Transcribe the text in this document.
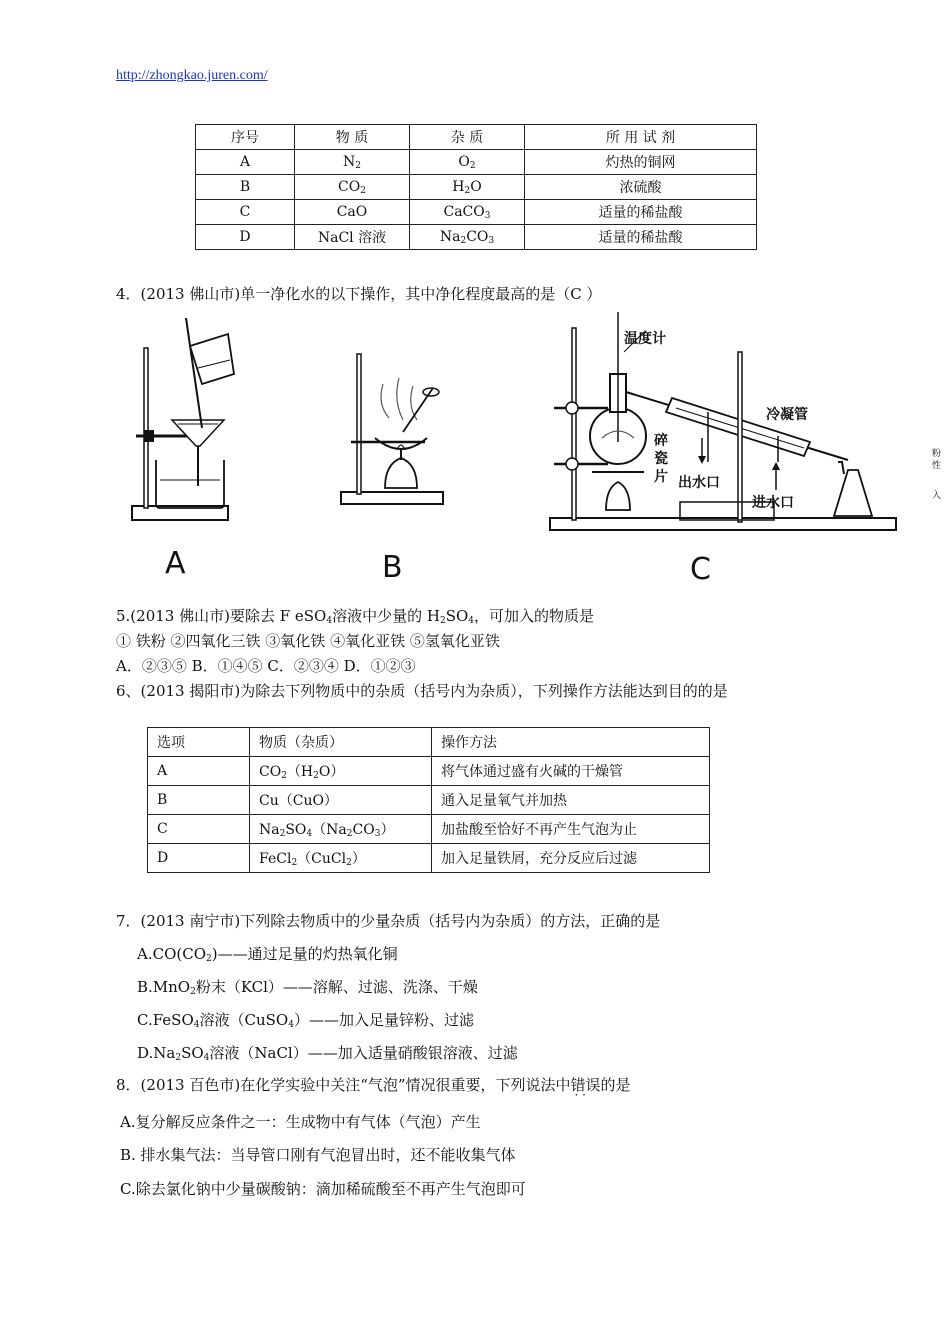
http://zhongkao.juren.com/
序号	物 质	杂 质	所 用 试 剂
A	$N_2$	$O_2$	灼热的铜网
B	$CO_2$	$H_2O$	浓硫酸
C	CaO	CaCO$_3$	适量的稀盐酸
D	NaCl 溶液	$Na_2CO_3$	适量的稀盐酸
4．(2013 佛山市)单一净化水的以下操作，其中净化程度最高的是（C ）
A	B
温度计
冷凝管
碎
瓷
片 出水口
进水口
C
粉
性
入
5.(2013 佛山市)要除去 F eSO$_4$溶液中少量的 $H_2SO_4$，可加入的物质是
① 铁粉 ②四氧化三铁 ③氧化铁 ④氧化亚铁 ⑤氢氧化亚铁
A．②③⑤ B．①④⑤ C．②③④ D．①②③
6、(2013 揭阳市)为除去下列物质中的杂质（括号内为杂质），下列操作方法能达到目的的是
选项	物质（杂质）	操作方法
A	$CO_2(H_2O)$	将气体通过盛有火碱的干燥管
B	Cu（CuO）	通入足量氧气并加热
C	$Na_2SO_4(Na_2CO_3)$	加盐酸至恰好不再产生气泡为止
D	FeCl$_2$（CuCl$_2$）	加入足量铁屑，充分反应后过滤
7．(2013 南宁市)下列除去物质中的少量杂质（括号内为杂质）的方法，正确的是
$A.CO(CO_2)——$通过足量的灼热氧化铜
B.MnO$_2$粉末（KCl）——溶解、过滤、洗涤、干燥
C.FeSO$_4$溶液（CuSO$_4$）——加入足量锌粉、过滤
$D.Na_2SO_4$溶液（NaCl）——加入适量硝酸银溶液、过滤
8．(2013 百色市)在化学实验中关注“气泡”情况很重要，下列说法中错误 · ·的是
A.复分解反应条件之一：生成物中有气体（气泡）产生
B. 排水集气法：当导管口刚有气泡冒出时，还不能收集气体
C.除去氯化钠中少量碳酸钠：滴加稀硫酸至不再产生气泡即可
